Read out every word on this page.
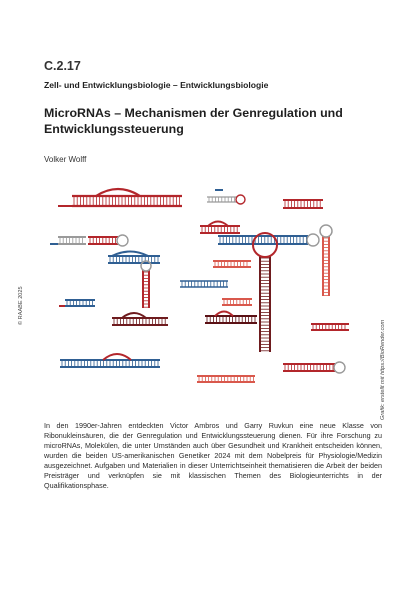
C.2.17
Zell- und Entwicklungsbiologie – Entwicklungsbiologie
MicroRNAs – Mechanismen der Genregulation und Entwicklungssteuerung
Volker Wolff
© RAABE 2025
Grafik: erstellt mit https://BioRender.com

In den 1990er-Jahren entdeckten Victor Ambros und Garry Ruvkun eine neue Klasse von Ribonukleinsäuren, die der Genregulation und Entwicklungssteuerung dienen. Für ihre Forschung zu microRNAs, Molekülen, die unter Umständen auch über Gesundheit und Krankheit entscheiden können, wurden die beiden US-amerikanischen Genetiker 2024 mit dem Nobelpreis für Physiologie/Medizin ausgezeichnet. Aufgaben und Materialien in dieser Unterrichtseinheit thematisieren die Arbeit der beiden Preisträger und verknüpfen sie mit klassischen Themen des Biologieunterrichts in der Qualifikationsphase.
